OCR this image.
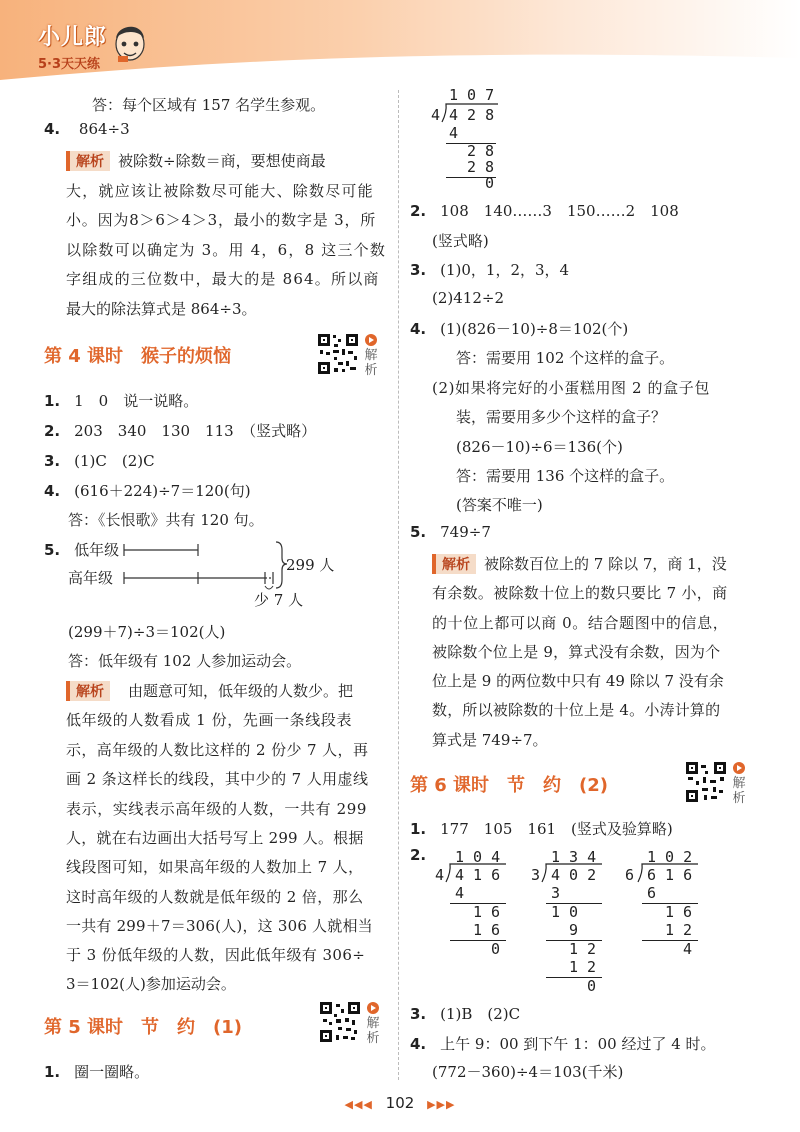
小儿郎
5·3天天练
答：每个区域有 157 名学生参观。
4. 864÷3
解析 被除数÷除数＝商，要想使商最
大，就应该让被除数尽可能大、除数尽可能
小。因为8＞6＞4＞3，最小的数字是 3，所
以除数可以确定为 3。用 4，6，8 这三个数
字组成的三位数中，最大的是 864。所以商
最大的除法算式是 864÷3。
第 4 课时　猴子的烦恼	解析
1. 1　0　说一说略。
2. 203　340　130　113　（竖式略）
3. (1)C　(2)C
4. (616＋224)÷7＝120(句)
答：《长恨歌》共有 120 句。
5. 低年级
高年级
299 人
少 7 人
(299＋7)÷3＝102(人)
答：低年级有 102 人参加运动会。
解析 由题意可知，低年级的人数少。把
低年级的人数看成 1 份，先画一条线段表
示，高年级的人数比这样的 2 份少 7 人，再
画 2 条这样长的线段，其中少的 7 人用虚线
表示，实线表示高年级的人数，一共有 299
人，就在右边画出大括号写上 299 人。根据
线段图可知，如果高年级的人数加上 7 人，
这时高年级的人数就是低年级的 2 倍，那么
一共有 299＋7＝306(人)，这 306 人就相当
于 3 份低年级的人数，因此低年级有 306÷
3＝102(人)参加运动会。
第 5 课时　节　约　(1)	解析
1. 圈一圈略。
1 0 7
4 4 2 8
4
2 8
2 8
0
2. 108　140……3　150……2　108
(竖式略)
3. (1)0，1，2，3，4
(2)412÷2
4. (1)(826－10)÷8＝102(个)
答：需要用 102 个这样的盒子。
(2)如果将完好的小蛋糕用图 2 的盒子包
装，需要用多少个这样的盒子？
(826－10)÷6＝136(个)
答：需要用 136 个这样的盒子。
(答案不唯一)
5. 749÷7
解析 被除数百位上的 7 除以 7，商 1，没
有余数。被除数十位上的数只要比 7 小，商
的十位上都可以商 0。结合题图中的信息，
被除数个位上是 9，算式没有余数，因为个
位上是 9 的两位数中只有 49 除以 7 没有余
数，所以被除数的十位上是 4。小涛计算的
算式是 749÷7。
第 6 课时　节　约　(2)	解析
1. 177　105　161　(竖式及验算略)
2. 1 0 4
4 4 1 6
4
1 6
1 6
0
1 3 4
3 4 0 2
3
1 0
9
1 2
1 2
0
1 0 2
6 6 1 6
6
1 6
1 2
4
3. (1)B　(2)C
4. 上午 9：00 到下午 1：00 经过了 4 时。
(772－360)÷4＝103(千米)
◀◀◀ 102 ▶▶▶
